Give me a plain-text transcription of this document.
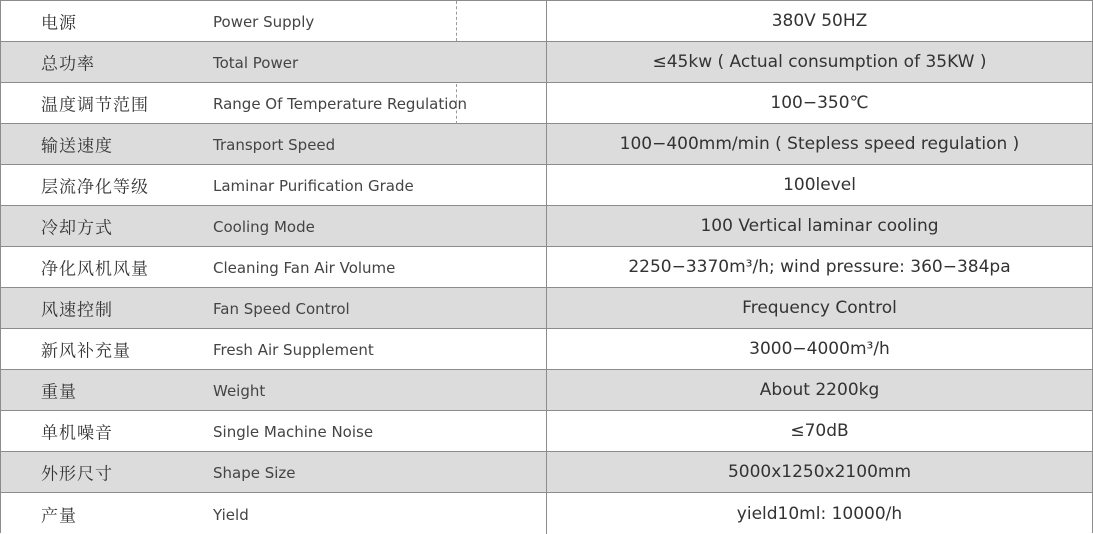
电源	Power Supply	380V 50HZ
总功率	Total Power	≤45kw ( Actual consumption of 35KW )
温度调节范围	Range Of Temperature Regulation	100−350℃
输送速度	Transport Speed	100−400mm/min ( Stepless speed regulation )
层流净化等级	Laminar Purification Grade	100level
冷却方式	Cooling Mode	100 Vertical laminar cooling
净化风机风量	Cleaning Fan Air Volume	2250−3370m³/h; wind pressure: 360−384pa
风速控制	Fan Speed Control	Frequency Control
新风补充量	Fresh Air Supplement	3000−4000m³/h
重量	Weight	About 2200kg
单机噪音	Single Machine Noise	≤70dB
外形尺寸	Shape Size	5000x1250x2100mm
产量	Yield	yield10ml: 10000/h
